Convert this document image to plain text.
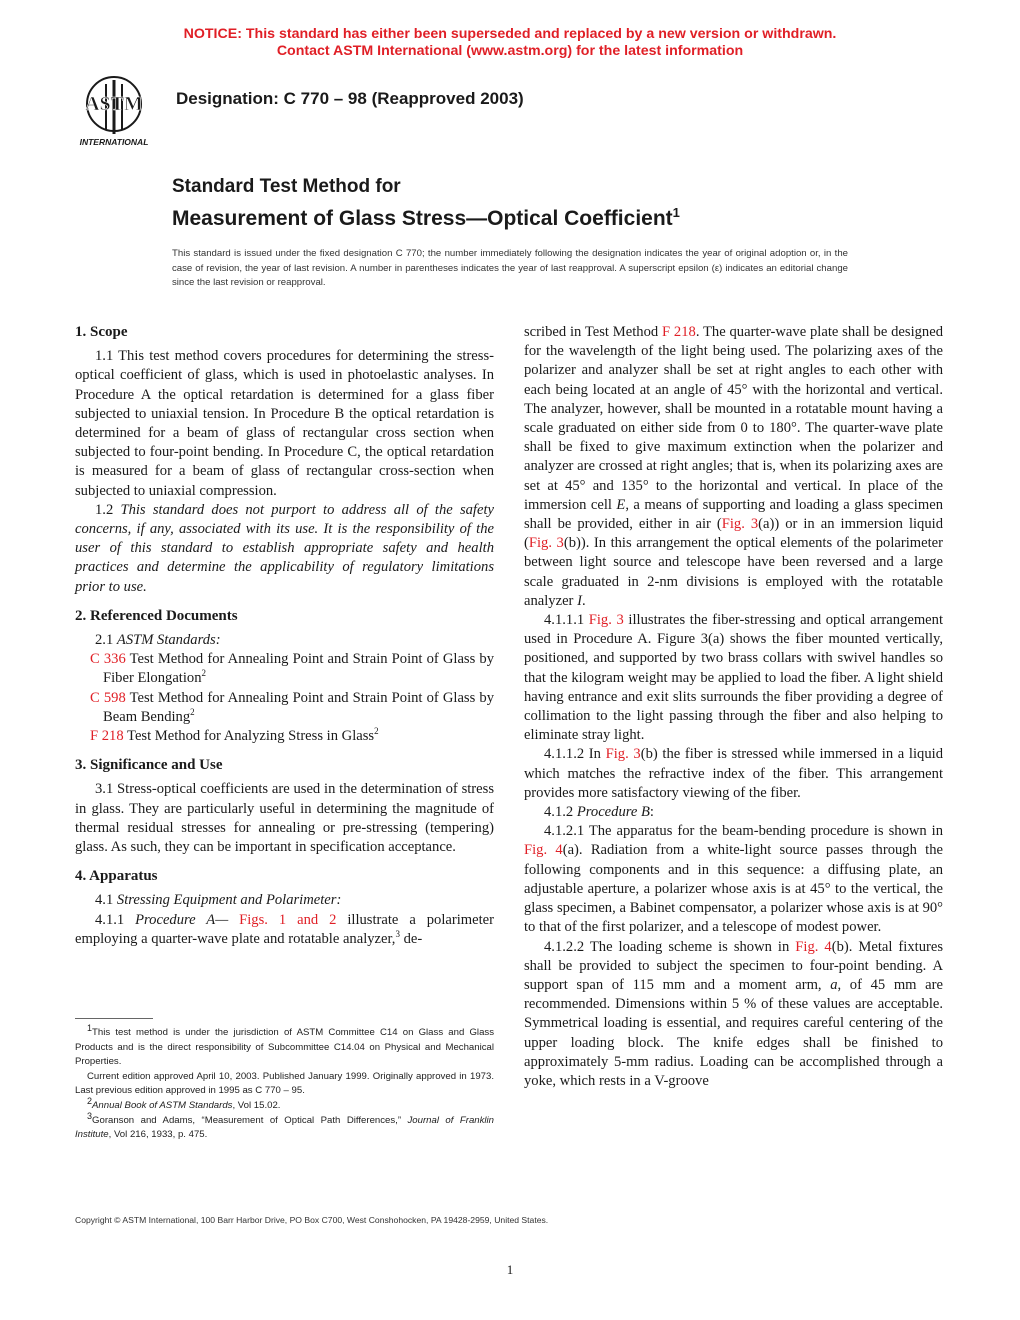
NOTICE: This standard has either been superseded and replaced by a new version or withdrawn.
Contact ASTM International (www.astm.org) for the latest information
ASTM
INTERNATIONAL
Designation: C 770 – 98 (Reapproved 2003)
Standard Test Method for
Measurement of Glass Stress—Optical Coefficient$^1$
This standard is issued under the fixed designation C 770; the number immediately following the designation indicates the year of original adoption or, in the case of revision, the year of last revision. A number in parentheses indicates the year of last reapproval. A superscript epsilon (ε) indicates an editorial change since the last revision or reapproval.
1. Scope

1.1 This test method covers procedures for determining the stress-optical coefficient of glass, which is used in photoelastic analyses. In Procedure A the optical retardation is determined for a glass fiber subjected to uniaxial tension. In Procedure B the optical retardation is determined for a beam of glass of rectangular cross section when subjected to four-point bending. In Procedure C, the optical retardation is measured for a beam of glass of rectangular cross-section when subjected to uniaxial compression.

1.2 This standard does not purport to address all of the safety concerns, if any, associated with its use. It is the responsibility of the user of this standard to establish appropriate safety and health practices and determine the applicability of regulatory limitations prior to use.

2. Referenced Documents

2.1 ASTM Standards:

C 336 Test Method for Annealing Point and Strain Point of Glass by Fiber Elongation$^2$

C 598 Test Method for Annealing Point and Strain Point of Glass by Beam Bending$^2$

F 218 Test Method for Analyzing Stress in Glass$^2$

3. Significance and Use

3.1 Stress-optical coefficients are used in the determination of stress in glass. They are particularly useful in determining the magnitude of thermal residual stresses for annealing or pre-stressing (tempering) glass. As such, they can be important in specification acceptance.

4. Apparatus

4.1 Stressing Equipment and Polarimeter:

4.1.1 Procedure A— Figs. 1 and 2 illustrate a polarimeter employing a quarter-wave plate and rotatable analyzer,$^3$ de-

scribed in Test Method F 218. The quarter-wave plate shall be designed for the wavelength of the light being used. The polarizing axes of the polarizer and analyzer shall be set at right angles to each other with each being located at an angle of 45° with the horizontal and vertical. The analyzer, however, shall be mounted in a rotatable mount having a scale graduated on either side from 0 to 180°. The quarter-wave plate shall be fixed to give maximum extinction when the polarizer and analyzer are crossed at right angles; that is, when its polarizing axes are set at 45° and 135° to the horizontal and vertical. In place of the immersion cell E, a means of supporting and loading a glass specimen shall be provided, either in air (Fig. 3(a)) or in an immersion liquid (Fig. 3(b)). In this arrangement the optical elements of the polarimeter between light source and telescope have been reversed and a large scale graduated in 2-nm divisions is employed with the rotatable analyzer I.

4.1.1.1 Fig. 3 illustrates the fiber-stressing and optical arrangement used in Procedure A. Figure 3(a) shows the fiber mounted vertically, positioned, and supported by two brass collars with swivel handles so that the kilogram weight may be applied to load the fiber. A light shield having entrance and exit slits surrounds the fiber providing a degree of collimation to the light passing through the fiber and also helping to eliminate stray light.

4.1.1.2 In Fig. 3(b) the fiber is stressed while immersed in a liquid which matches the refractive index of the fiber. This arrangement provides more satisfactory viewing of the fiber.

4.1.2 Procedure B:

4.1.2.1 The apparatus for the beam-bending procedure is shown in Fig. 4(a). Radiation from a white-light source passes through the following components and in this sequence: a diffusing plate, an adjustable aperture, a polarizer whose axis is at 45° to the vertical, the glass specimen, a Babinet compensator, a polarizer whose axis is at 90° to that of the first polarizer, and a telescope of modest power.

4.1.2.2 The loading scheme is shown in Fig. 4(b). Metal fixtures shall be provided to subject the specimen to four-point bending. A support span of 115 mm and a moment arm, a, of 45 mm are recommended. Dimensions within 5 % of these values are acceptable. Symmetrical loading is essential, and requires careful centering of the upper loading block. The knife edges shall be finished to approximately 5-mm radius. Loading can be accomplished through a yoke, which rests in a V-groove

1This test method is under the jurisdiction of ASTM Committee C14 on Glass and Glass Products and is the direct responsibility of Subcommittee C14.04 on Physical and Mechanical Properties.

Current edition approved April 10, 2003. Published January 1999. Originally approved in 1973. Last previous edition approved in 1995 as C 770 – 95.

2Annual Book of ASTM Standards, Vol 15.02.

3Goranson and Adams, “Measurement of Optical Path Differences,” Journal of Franklin Institute, Vol 216, 1933, p. 475.

Copyright © ASTM International, 100 Barr Harbor Drive, PO Box C700, West Conshohocken, PA 19428-2959, United States.
1
